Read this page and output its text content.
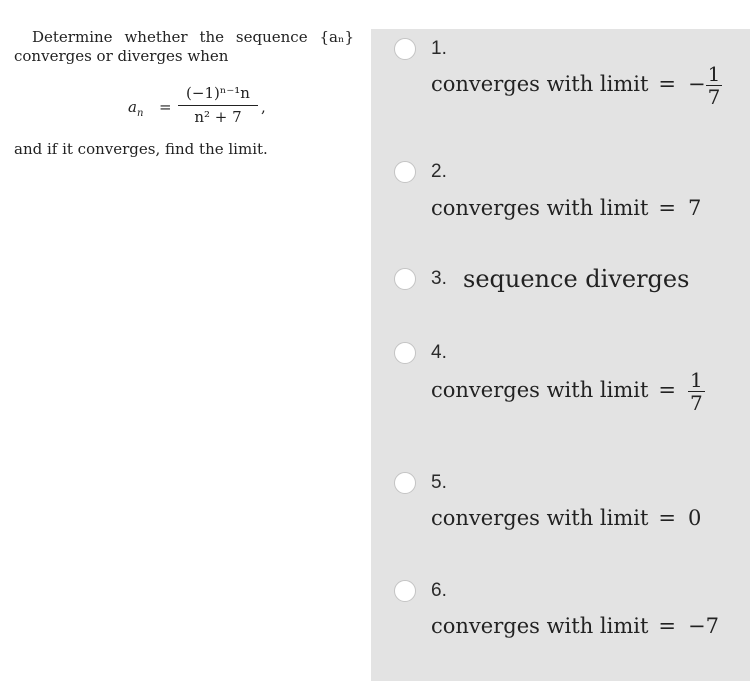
Determine whether the sequence {aₙ} converges or diverges when
$a_n = \frac{\text{(−1)ⁿ⁻¹n}}{\text{n² + 7}}$ ,
and if it converges, find the limit.
1.
converges with limit = − $\frac{1}{7}$
2.
converges with limit = 7
3. sequence diverges
4.
converges with limit = $\frac{1}{7}$
5.
converges with limit = 0
6.
converges with limit = −7
